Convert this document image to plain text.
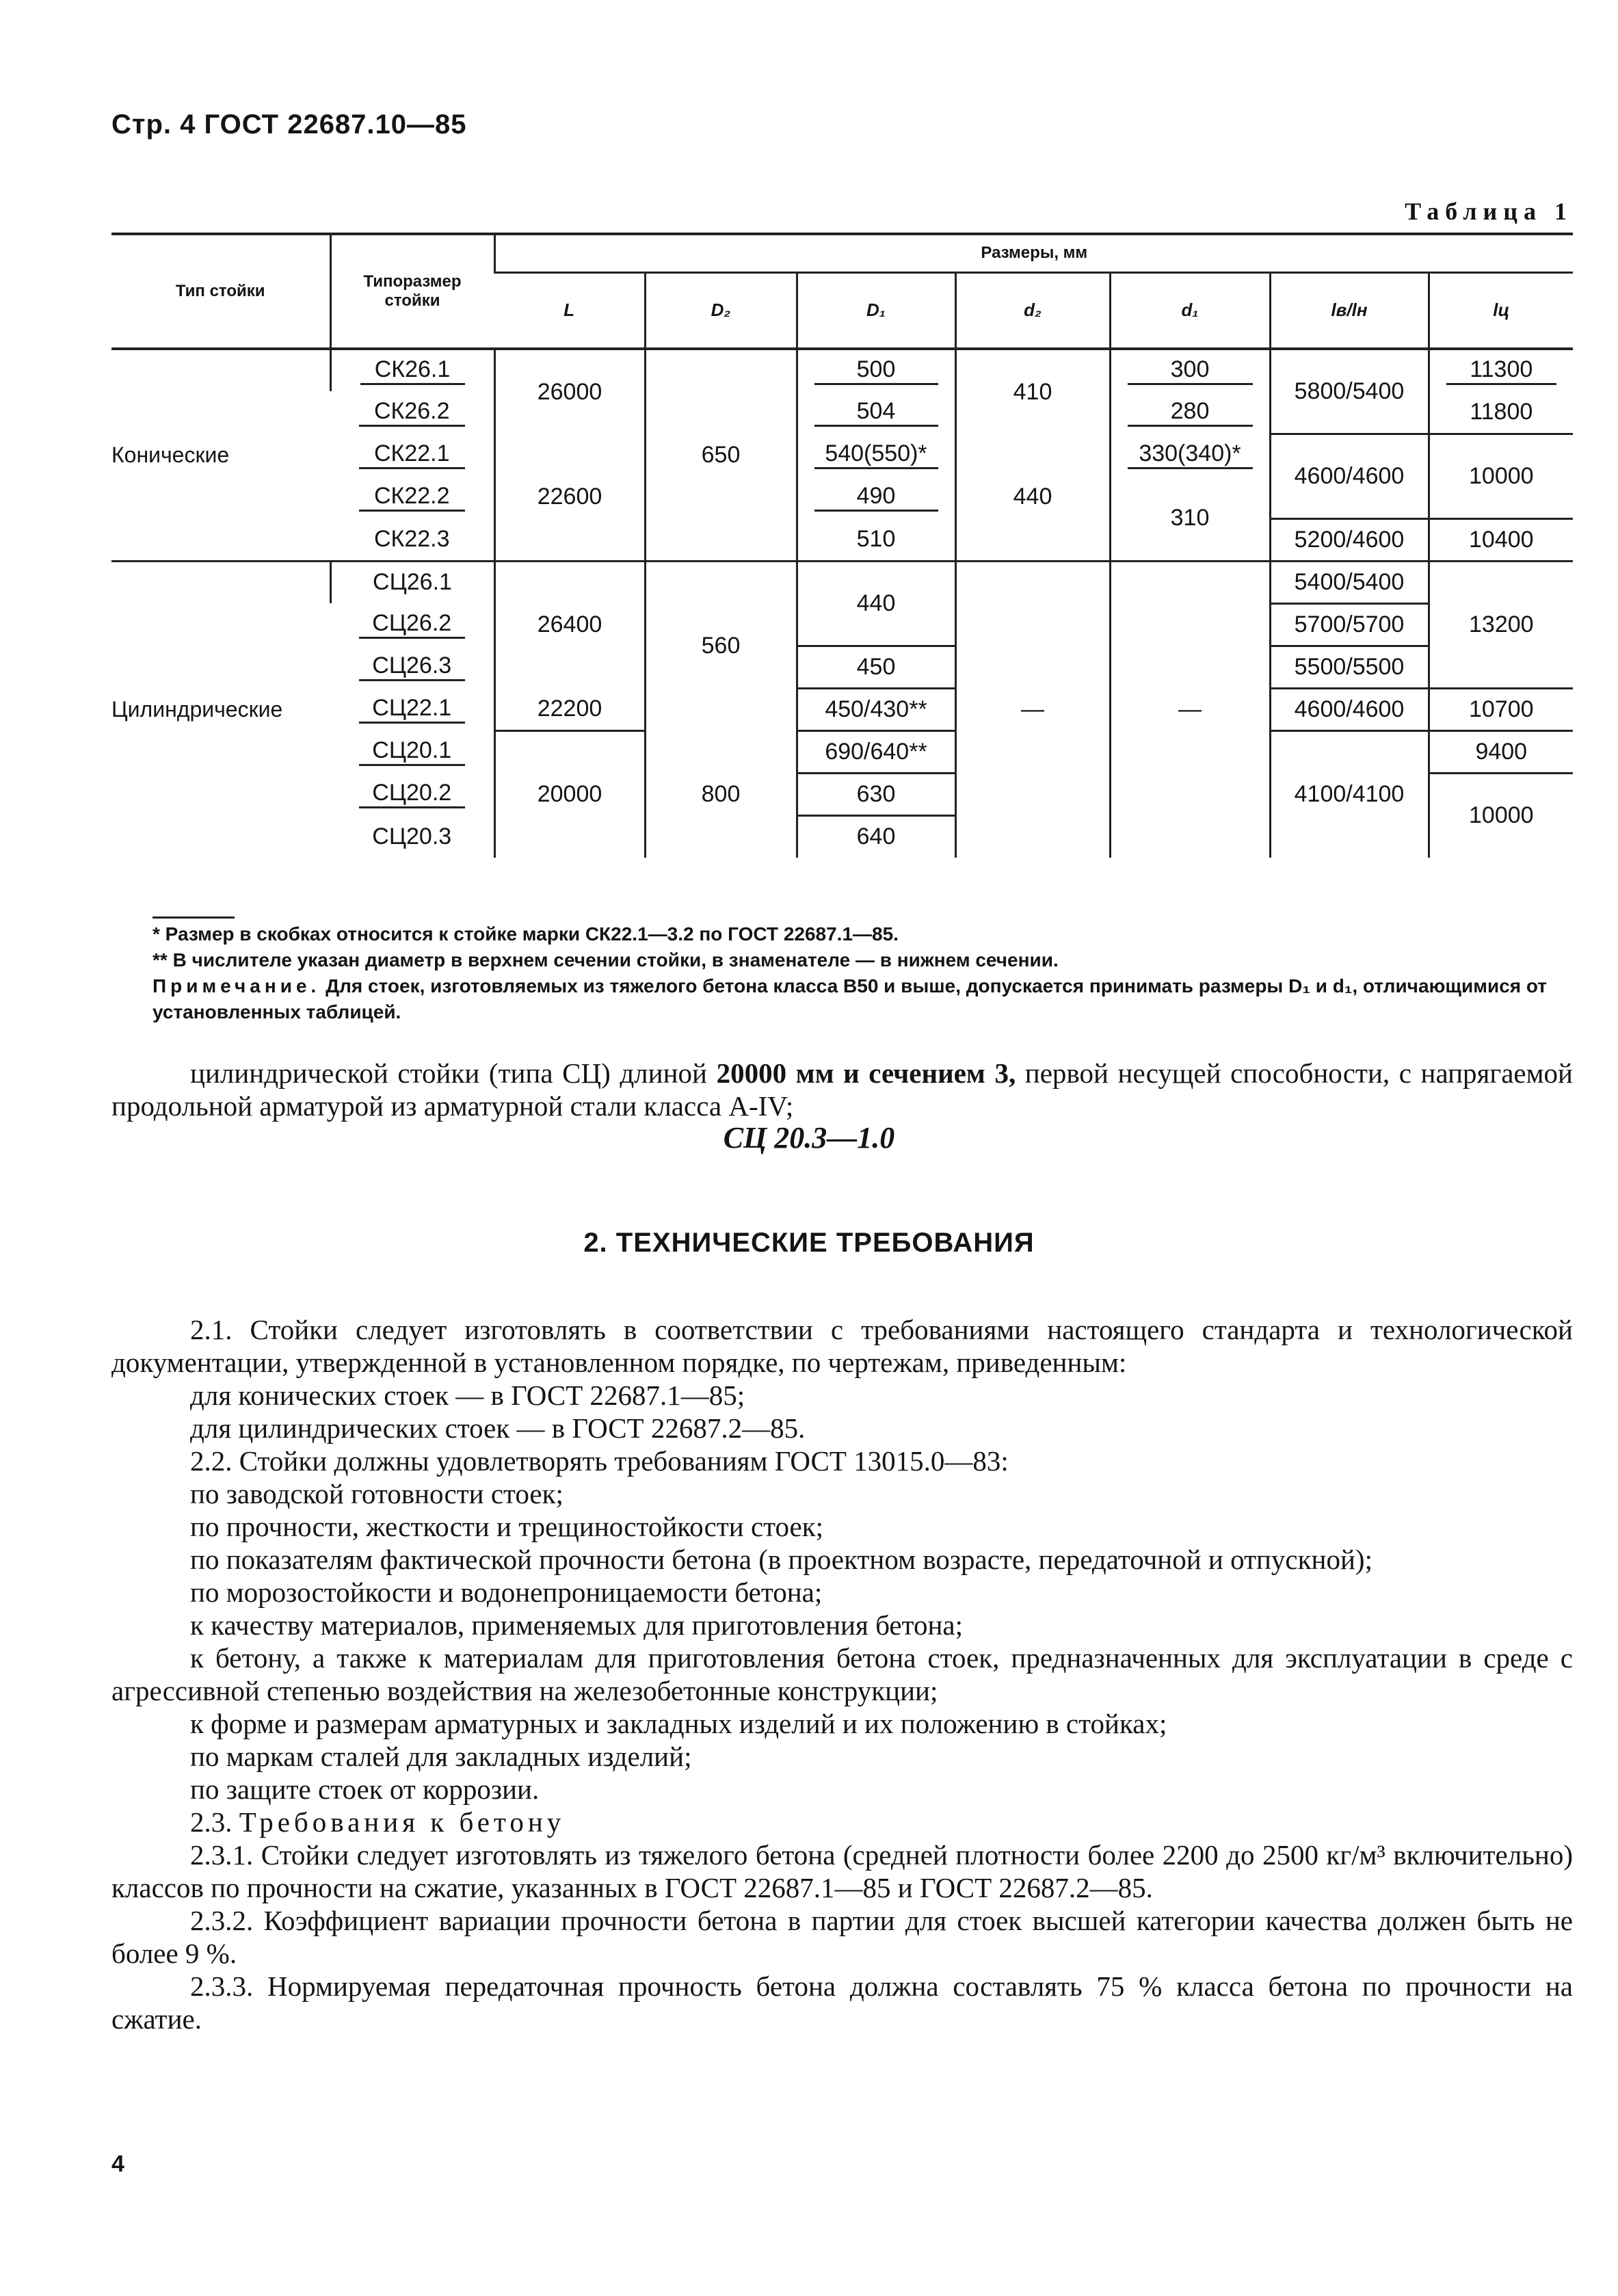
Стр. 4 ГОСТ 22687.10—85
Таблица 1
Тип стойки	Типоразмер стойки	Размеры, мм						
		L	D₂	D₁	d₂	d₁	lв/lн	lц
Конические	СК26.1	26000	650	500	410	300	5800/5400	11300

	СК26.2			504		280		11800

	СК22.1	22600		540(550)*	440	330(340)*	4600/4600	10000

	СК22.2			490		310		
	СК22.3			510			5200/4600	10400
Цилиндрические	СЦ26.1	26400	560	440	—	—	5400/5400	13200

	СЦ26.2						5700/5700	

	СЦ26.3			450			5500/5500	

	СЦ22.1	22200		450/430**			4600/4600	10700

	СЦ20.1	20000	800	690/640**			4100/4100	9400

	СЦ20.2			630				10000
	СЦ20.3			640				

* Размер в скобках относится к стойке марки СК22.1—3.2 по ГОСТ 22687.1—85.

** В числителе указан диаметр в верхнем сечении стойки, в знаменателе — в нижнем сечении.

Примечание. Для стоек, изготовляемых из тяжелого бетона класса В50 и выше, допускается принимать размеры D₁ и d₁, отличающимися от установленных таблицей.

цилиндрической стойки (типа СЦ) длиной 20000 мм и сечением 3, первой несущей способности, с напрягаемой продольной арматурой из арматурной стали класса А-IV;

СЦ 20.3—1.0
2. ТЕХНИЧЕСКИЕ ТРЕБОВАНИЯ

2.1. Стойки следует изготовлять в соответствии с требованиями настоящего стандарта и технологической документации, утвержденной в установленном порядке, по чертежам, приведенным:

для конических стоек — в ГОСТ 22687.1—85;

для цилиндрических стоек — в ГОСТ 22687.2—85.

2.2. Стойки должны удовлетворять требованиям ГОСТ 13015.0—83:

по заводской готовности стоек;

по прочности, жесткости и трещиностойкости стоек;

по показателям фактической прочности бетона (в проектном возрасте, передаточной и отпускной);

по морозостойкости и водонепроницаемости бетона;

к качеству материалов, применяемых для приготовления бетона;

к бетону, а также к материалам для приготовления бетона стоек, предназначенных для эксплуатации в среде с агрессивной степенью воздействия на железобетонные конструкции;

к форме и размерам арматурных и закладных изделий и их положению в стойках;

по маркам сталей для закладных изделий;

по защите стоек от коррозии.

2.3. Требования к бетону

2.3.1. Стойки следует изготовлять из тяжелого бетона (средней плотности более 2200 до 2500 кг/м³ включительно) классов по прочности на сжатие, указанных в ГОСТ 22687.1—85 и ГОСТ 22687.2—85.

2.3.2. Коэффициент вариации прочности бетона в партии для стоек высшей категории качества должен быть не более 9 %.

2.3.3. Нормируемая передаточная прочность бетона должна составлять 75 % класса бетона по прочности на сжатие.

4
